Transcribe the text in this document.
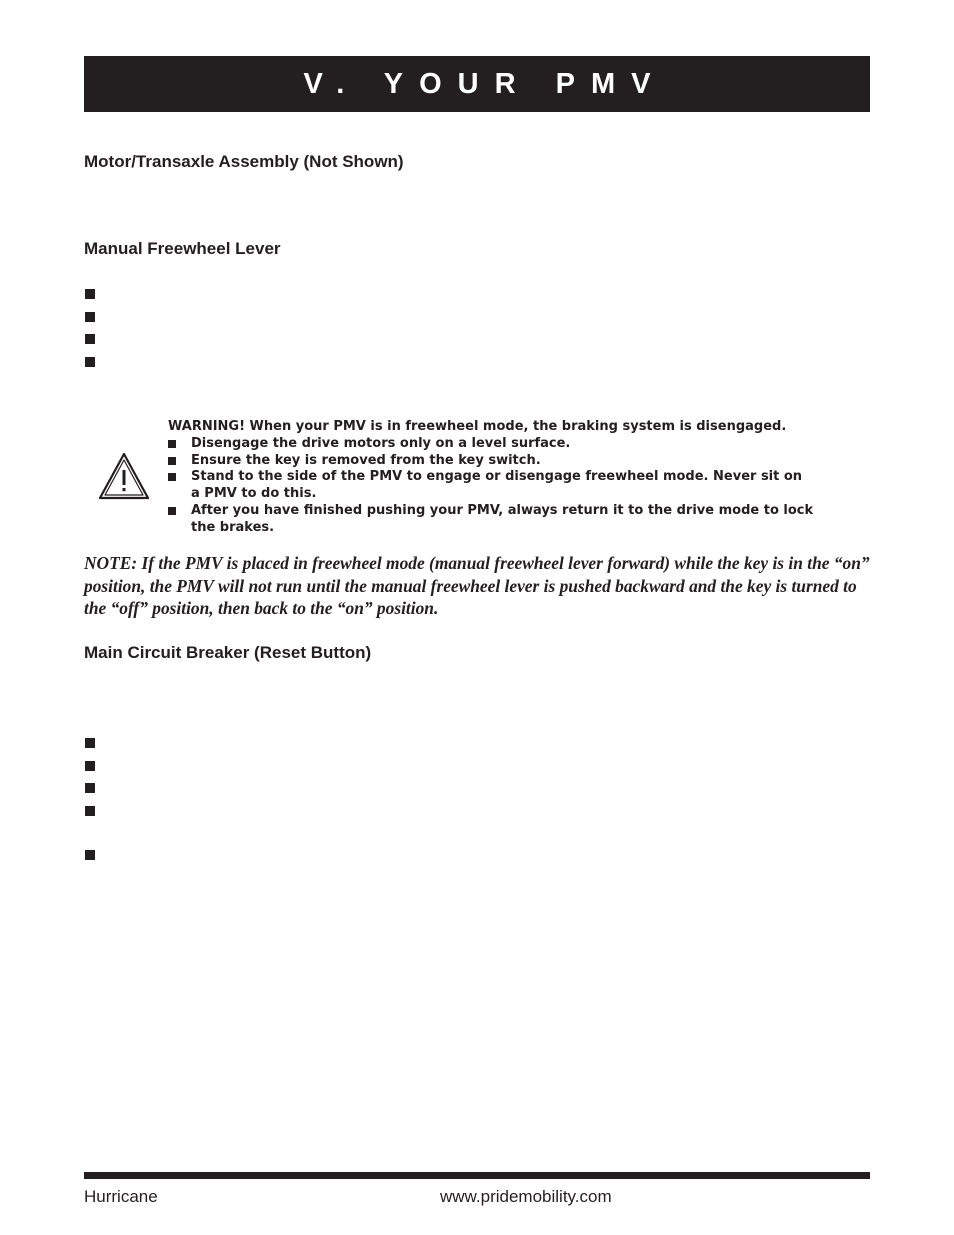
V. YOUR PMV
Motor/Transaxle Assembly (Not Shown)
Manual Freewheel Lever
WARNING! When your PMV is in freewheel mode, the braking system is disengaged.
Disengage the drive motors only on a level surface.
Ensure the key is removed from the key switch.
Stand to the side of the PMV to engage or disengage freewheel mode. Never sit on
a PMV to do this.
After you have finished pushing your PMV, always return it to the drive mode to lock
the brakes.
NOTE: If the PMV is placed in freewheel mode (manual freewheel lever forward) while the key is in the “on” position, the PMV will not run until the manual freewheel lever is pushed backward and the key is turned to the “off” position, then back to the “on” position.
Main Circuit Breaker (Reset Button)
Hurricane	www.pridemobility.com
